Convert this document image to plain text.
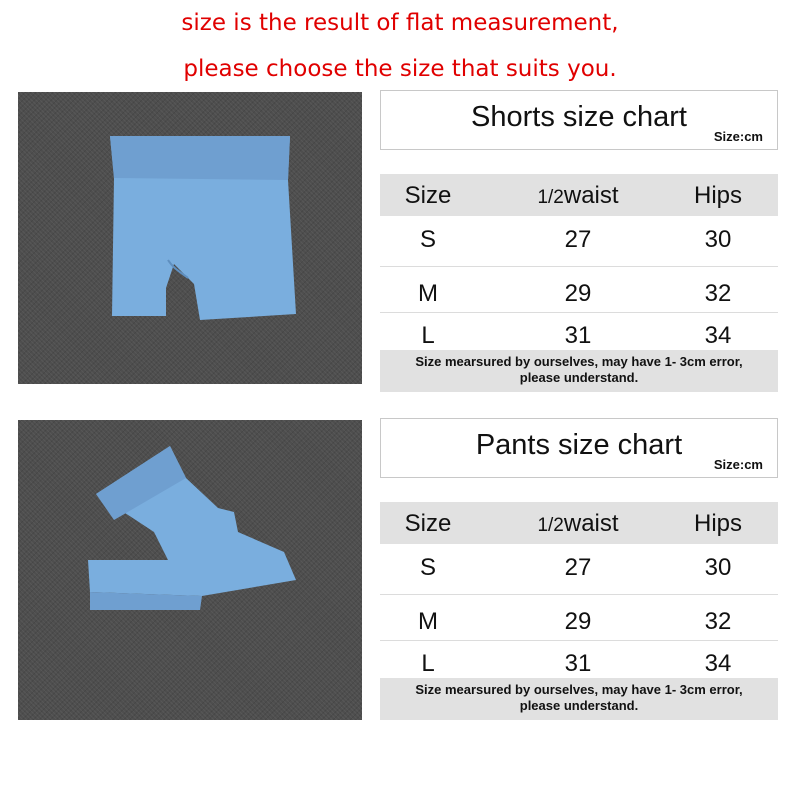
size is the result of flat measurement,
please choose the size that suits you.
Shorts size chart
Size:cm
Size	1/2waist	Hips
S	27	30
M	29	32
L	31	34
Size mearsured by ourselves, may have 1- 3cm error,
please understand.
Pants size chart
Size:cm
Size	1/2waist	Hips
S	27	30
M	29	32
L	31	34
Size mearsured by ourselves, may have 1- 3cm error,
please understand.
